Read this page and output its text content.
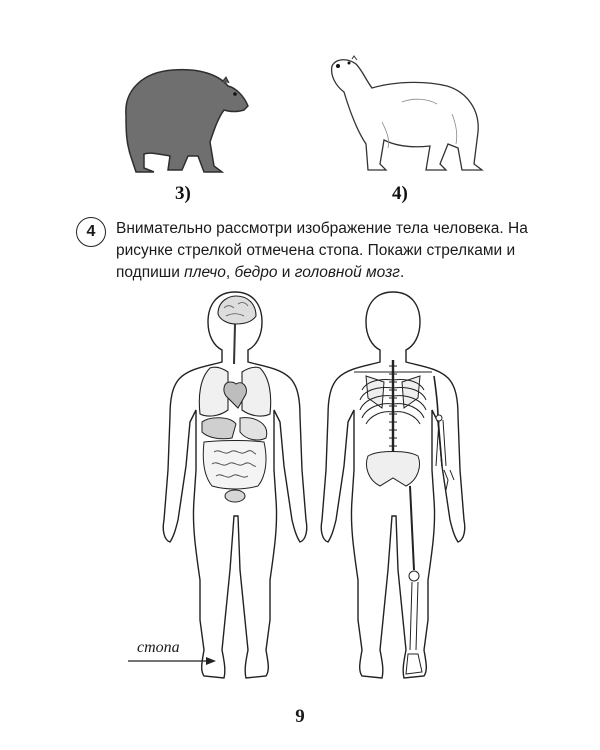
3)	4)
4	Внимательно рассмотри изображение тела человека. На рисунке стрелкой отмечена стопа. Покажи стрелками и подпиши плечо, бедро и головной мозг.
стопа
9
